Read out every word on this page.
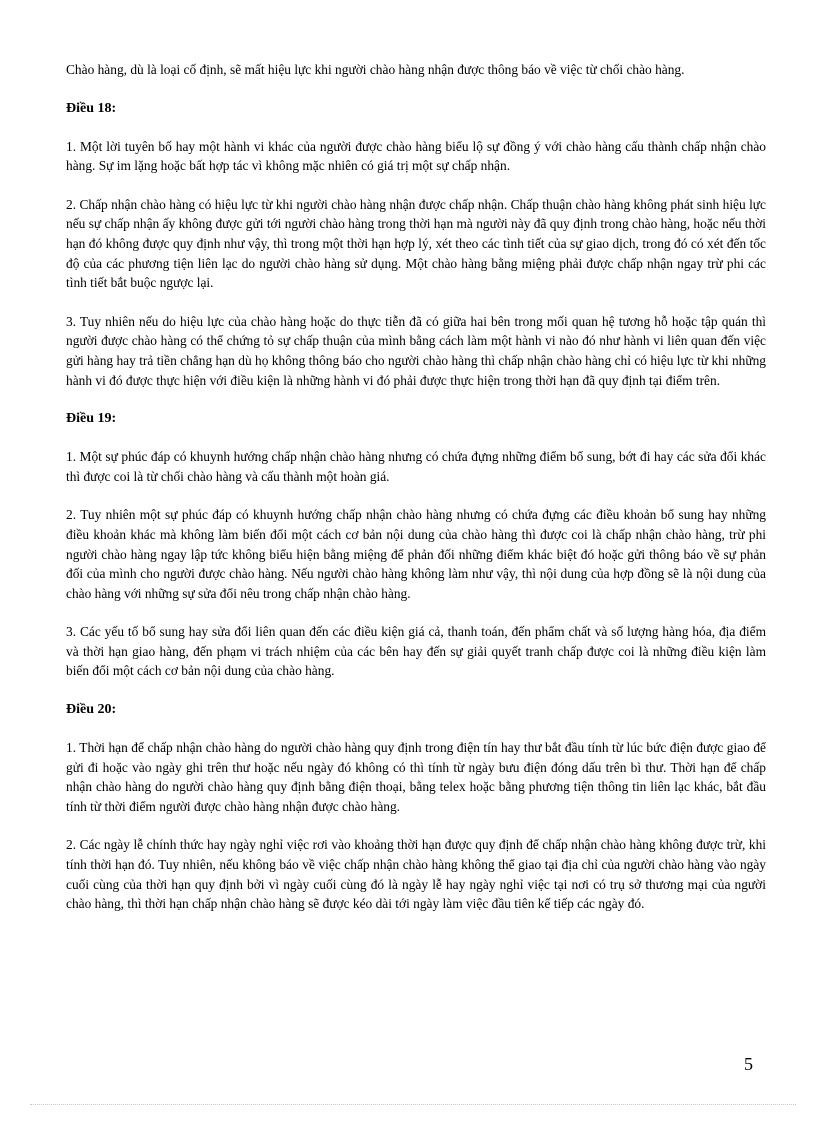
Chào hàng, dù là loại cố định, sẽ mất hiệu lực khi người chào hàng nhận được thông báo về việc từ chối chào hàng.

Điều 18:

1. Một lời tuyên bố hay một hành vi khác của người được chào hàng biểu lộ sự đồng ý với chào hàng cấu thành chấp nhận chào hàng. Sự im lặng hoặc bất hợp tác vì không mặc nhiên có giá trị một sự chấp nhận.

2. Chấp nhận chào hàng có hiệu lực từ khi người chào hàng nhận được chấp nhận. Chấp thuận chào hàng không phát sinh hiệu lực nếu sự chấp nhận ấy không được gửi tới người chào hàng trong thời hạn mà người này đã quy định trong chào hàng, hoặc nếu thời hạn đó không được quy định như vậy, thì trong một thời hạn hợp lý, xét theo các tình tiết của sự giao dịch, trong đó có xét đến tốc độ của các phương tiện liên lạc do người chào hàng sử dụng. Một chào hàng bằng miệng phải được chấp nhận ngay trừ phi các tình tiết bắt buộc ngược lại.

3. Tuy nhiên nếu do hiệu lực của chào hàng hoặc do thực tiễn đã có giữa hai bên trong mối quan hệ tương hỗ hoặc tập quán thì người được chào hàng có thể chứng tỏ sự chấp thuận của mình bằng cách làm một hành vi nào đó như hành vi liên quan đến việc gửi hàng hay trả tiền chẳng hạn dù họ không thông báo cho người chào hàng thì chấp nhận chào hàng chỉ có hiệu lực từ khi những hành vi đó được thực hiện với điều kiện là những hành vi đó phải được thực hiện trong thời hạn đã quy định tại điểm trên.

Điều 19:

1. Một sự phúc đáp có khuynh hướng chấp nhận chào hàng nhưng có chứa đựng những điểm bổ sung, bớt đi hay các sửa đổi khác thì được coi là từ chối chào hàng và cấu thành một hoàn giá.

2. Tuy nhiên một sự phúc đáp có khuynh hướng chấp nhận chào hàng nhưng có chứa đựng các điều khoản bổ sung hay những điều khoản khác mà không làm biến đổi một cách cơ bản nội dung của chào hàng thì được coi là chấp nhận chào hàng, trừ phi người chào hàng ngay lập tức không biểu hiện bằng miệng để phản đối những điểm khác biệt đó hoặc gửi thông báo về sự phản đối của mình cho người được chào hàng. Nếu người chào hàng không làm như vậy, thì nội dung của hợp đồng sẽ là nội dung của chào hàng với những sự sửa đổi nêu trong chấp nhận chào hàng.

3. Các yếu tố bổ sung hay sửa đổi liên quan đến các điều kiện giá cả, thanh toán, đến phẩm chất và số lượng hàng hóa, địa điểm và thời hạn giao hàng, đến phạm vi trách nhiệm của các bên hay đến sự giải quyết tranh chấp được coi là những điều kiện làm biến đổi một cách cơ bản nội dung của chào hàng.

Điều 20:

1. Thời hạn để chấp nhận chào hàng do người chào hàng quy định trong điện tín hay thư bắt đầu tính từ lúc bức điện được giao để gửi đi hoặc vào ngày ghi trên thư hoặc nếu ngày đó không có thì tính từ ngày bưu điện đóng dấu trên bì thư. Thời hạn để chấp nhận chào hàng do người chào hàng quy định bằng điện thoại, bằng telex hoặc bằng phương tiện thông tin liên lạc khác, bắt đầu tính từ thời điểm người được chào hàng nhận được chào hàng.

2. Các ngày lễ chính thức hay ngày nghỉ việc rơi vào khoảng thời hạn được quy định để chấp nhận chào hàng không được trừ, khi tính thời hạn đó. Tuy nhiên, nếu không báo về việc chấp nhận chào hàng không thể giao tại địa chỉ của người chào hàng vào ngày cuối cùng của thời hạn quy định bởi vì ngày cuối cùng đó là ngày lễ hay ngày nghỉ việc tại nơi có trụ sở thương mại của người chào hàng, thì thời hạn chấp nhận chào hàng sẽ được kéo dài tới ngày làm việc đầu tiên kế tiếp các ngày đó.

5
